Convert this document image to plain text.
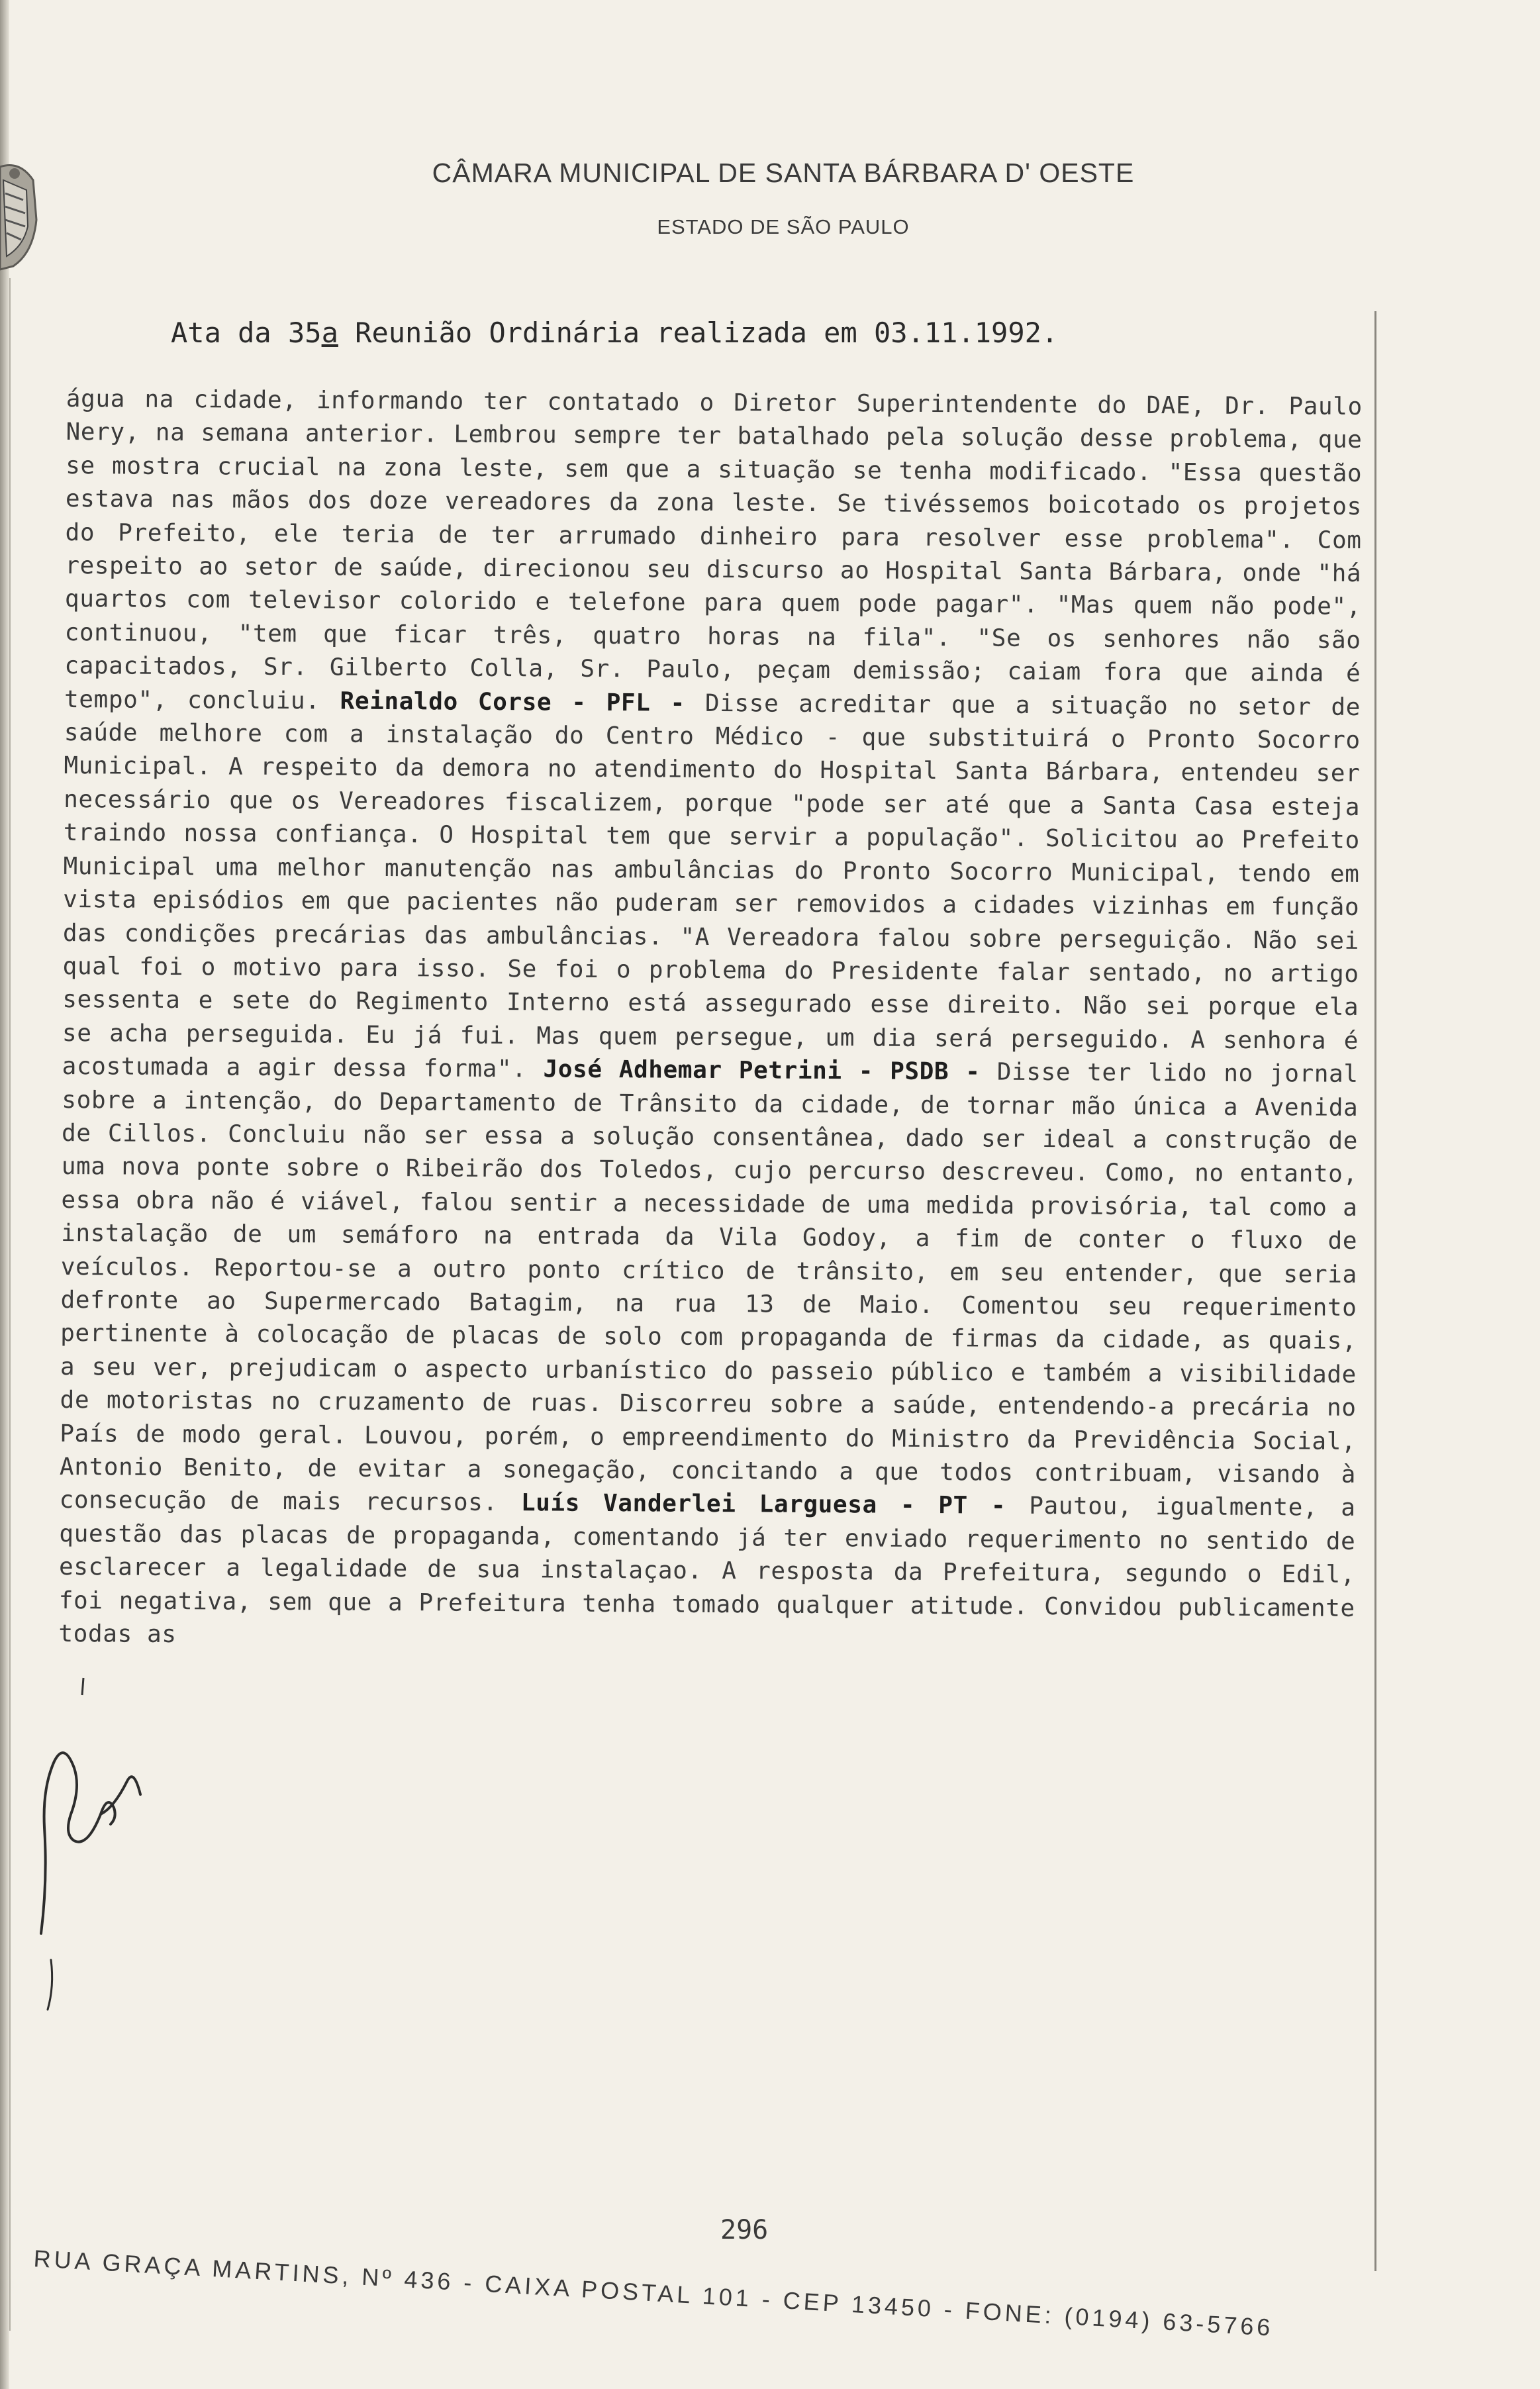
CÂMARA MUNICIPAL DE SANTA BÁRBARA D' OESTE
ESTADO DE SÃO PAULO
Ata da 35a Reunião Ordinária realizada em 03.11.1992.
água na cidade, informando ter contatado o Diretor Superintendente do DAE, Dr. Paulo Nery, na semana anterior. Lembrou sempre ter batalhado pela solução desse problema, que se mostra crucial na zona leste, sem que a situação se tenha modificado. "Essa questão estava nas mãos dos doze vereadores da zona leste. Se tivéssemos boicotado os projetos do Prefeito, ele teria de ter arrumado dinheiro para resolver esse problema". Com respeito ao setor de saúde, direcionou seu discurso ao Hospital Santa Bárbara, onde "há quartos com televisor colorido e telefone para quem pode pagar". "Mas quem não pode", continuou, "tem que ficar três, quatro horas na fila". "Se os senhores não são capacitados, Sr. Gilberto Colla, Sr. Paulo, peçam demissão; caiam fora que ainda é tempo", concluiu. Reinaldo Corse - PFL - Disse acreditar que a situação no setor de saúde melhore com a instalação do Centro Médico - que substituirá o Pronto Socorro Municipal. A respeito da demora no atendimento do Hospital Santa Bárbara, entendeu ser necessário que os Vereadores fiscalizem, porque "pode ser até que a Santa Casa esteja traindo nossa confiança. O Hospital tem que servir a população". Solicitou ao Prefeito Municipal uma melhor manutenção nas ambulâncias do Pronto Socorro Municipal, tendo em vista episódios em que pacientes não puderam ser removidos a cidades vizinhas em função das condições precárias das ambulâncias. "A Vereadora falou sobre perseguição. Não sei qual foi o motivo para isso. Se foi o problema do Presidente falar sentado, no artigo sessenta e sete do Regimento Interno está assegurado esse direito. Não sei porque ela se acha perseguida. Eu já fui. Mas quem persegue, um dia será perseguido. A senhora é acostumada a agir dessa forma". José Adhemar Petrini - PSDB - Disse ter lido no jornal sobre a intenção, do Departamento de Trânsito da cidade, de tornar mão única a Avenida de Cillos. Concluiu não ser essa a solução consentânea, dado ser ideal a construção de uma nova ponte sobre o Ribeirão dos Toledos, cujo percurso descreveu. Como, no entanto, essa obra não é viável, falou sentir a necessidade de uma medida provisória, tal como a instalação de um semáforo na entrada da Vila Godoy, a fim de conter o fluxo de veículos. Reportou-se a outro ponto crítico de trânsito, em seu entender, que seria defronte ao Supermercado Batagim, na rua 13 de Maio. Comentou seu requerimento pertinente à colocação de placas de solo com propaganda de firmas da cidade, as quais, a seu ver, prejudicam o aspecto urbanístico do passeio público e também a visibilidade de motoristas no cruzamento de ruas. Discorreu sobre a saúde, entendendo-a precária no País de modo geral. Louvou, porém, o empreendimento do Ministro da Previdência Social, Antonio Benito, de evitar a sonegação, concitando a que todos contribuam, visando à consecução de mais recursos. Luís Vanderlei Larguesa - PT - Pautou, igualmente, a questão das placas de propaganda, comentando já ter enviado requerimento no sentido de esclarecer a legalidade de sua instalaçao. A resposta da Prefeitura, segundo o Edil, foi negativa, sem que a Prefeitura tenha tomado qualquer atitude. Convidou publicamente todas as
296
RUA GRAÇA MARTINS, Nº 436 - CAIXA POSTAL 101 - CEP 13450 - FONE: (0194) 63-5766
